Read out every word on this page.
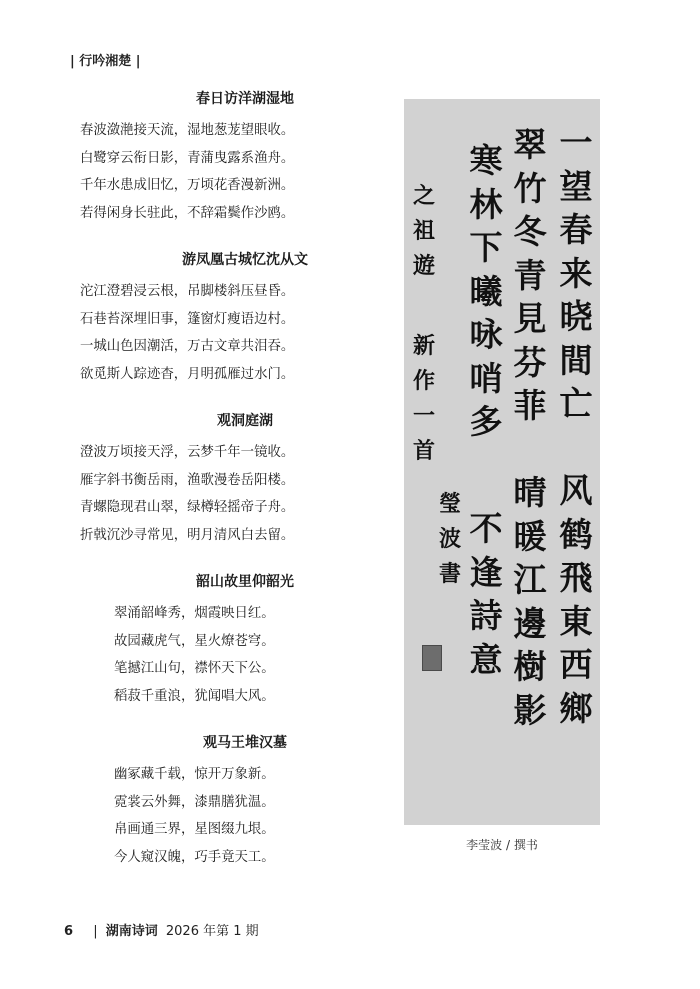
| 行吟湘楚 |
春日访洋湖湿地
春波潋滟接天流，湿地葱茏望眼收。
白鹭穿云衔日影，青蒲曳露系渔舟。
千年水患成旧忆，万顷花香漫新洲。
若得闲身长驻此，不辞霜鬓作沙鸥。
游凤凰古城忆沈从文
沱江澄碧浸云根，吊脚楼斜压昼昏。
石巷苔深埋旧事，篷窗灯瘦语边村。
一城山色因潮活，万古文章共泪吞。
欲觅斯人踪迹杳，月明孤雁过水门。
观洞庭湖
澄波万顷接天浮，云梦千年一镜收。
雁字斜书衡岳雨，渔歌漫卷岳阳楼。
青螺隐现君山翠，绿樽轻摇帝子舟。
折戟沉沙寻常见，明月清风白去留。
韶山故里仰韶光
翠涌韶峰秀，烟霞映日红。
故园藏虎气，星火燎苍穹。
笔撼江山句，襟怀天下公。
稻菽千重浪，犹闻唱大风。
观马王堆汉墓
幽冢藏千载，惊开万象新。
霓裳云外舞，漆鼎膳犹温。
帛画通三界，星图缀九垠。
今人窥汉魄，巧手竟天工。
一
望
春
来
晓
間
亡
风
鹤
飛
東
西
鄉
翠
竹
冬
青
見
芬
菲
晴
暖
江
邊
樹
影
寒
林
下
曦
咏
哨
多
不
逢
詩
意
之
祖
遊
新
作
一
首
瑩
波
書
李莹波 / 撰书
6 | 湖南诗词 2026 年第 1 期
